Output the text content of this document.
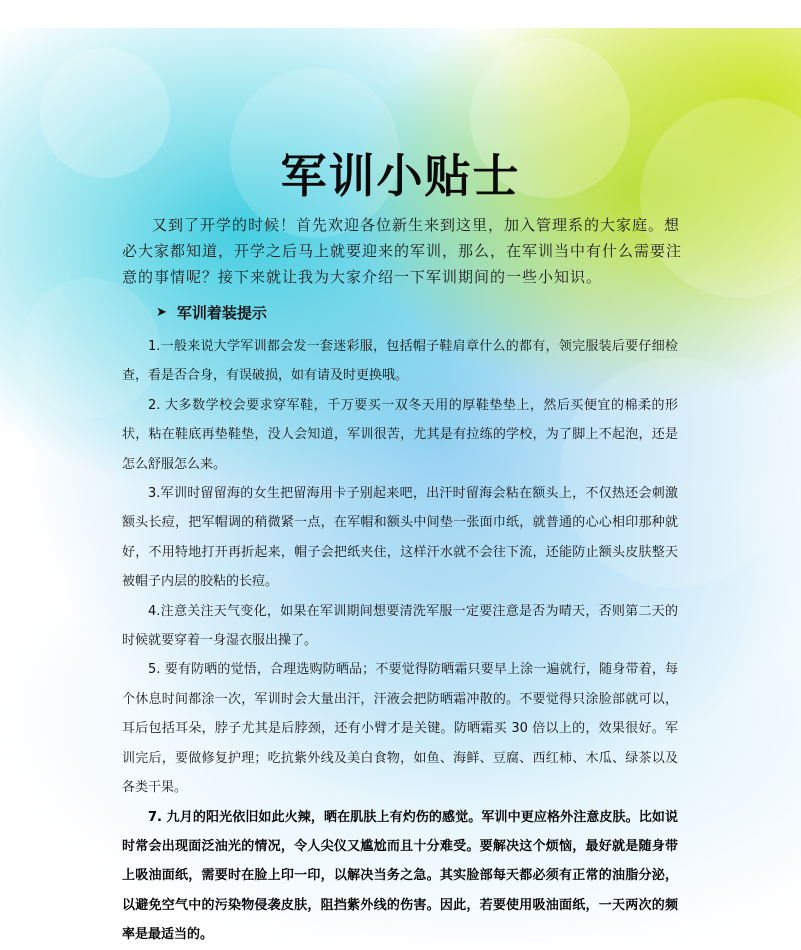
军训小贴士

又到了开学的时候！首先欢迎各位新生来到这里，加入管理系的大家庭。想必大家都知道，开学之后马上就要迎来的军训，那么，在军训当中有什么需要注意的事情呢？接下来就让我为大家介绍一下军训期间的一些小知识。

➤ 军训着装提示

1.一般来说大学军训都会发一套迷彩服，包括帽子鞋肩章什么的都有，领完服装后要仔细检查，看是否合身，有误破损，如有请及时更换哦。

2. 大多数学校会要求穿军鞋，千万要买一双冬天用的厚鞋垫垫上，然后买便宜的棉柔的形状，粘在鞋底再垫鞋垫，没人会知道，军训很苦，尤其是有拉练的学校，为了脚上不起泡，还是怎么舒服怎么来。

3.军训时留留海的女生把留海用卡子别起来吧，出汗时留海会粘在额头上，不仅热还会刺激额头长痘，把军帽调的稍微紧一点，在军帽和额头中间垫一张面巾纸，就普通的心心相印那种就好，不用特地打开再折起来，帽子会把纸夹住，这样汗水就不会往下流，还能防止额头皮肤整天被帽子内层的胶粘的长痘。

4.注意关注天气变化，如果在军训期间想要清洗军服一定要注意是否为晴天，否则第二天的时候就要穿着一身湿衣服出操了。

5. 要有防晒的觉悟，合理选购防晒品；不要觉得防晒霜只要早上涂一遍就行，随身带着，每个休息时间都涂一次，军训时会大量出汗，汗液会把防晒霜冲散的。不要觉得只涂脸部就可以，耳后包括耳朵，脖子尤其是后脖颈，还有小臂才是关键。防晒霜买 30 倍以上的，效果很好。军训完后，要做修复护理；吃抗紫外线及美白食物，如鱼、海鲜、豆腐、西红柿、木瓜、绿茶以及各类干果。

7. 九月的阳光依旧如此火辣，晒在肌肤上有灼伤的感觉。军训中更应格外注意皮肤。比如说时常会出现面泛油光的情况，令人尖仪又尴尬而且十分难受。要解决这个烦恼，最好就是随身带上吸油面纸，需要时在脸上印一印，以解决当务之急。其实脸部每天都必须有正常的油脂分泌，以避免空气中的污染物侵袭皮肤，阻挡紫外线的伤害。因此，若要使用吸油面纸，一天两次的频率是最适当的。
